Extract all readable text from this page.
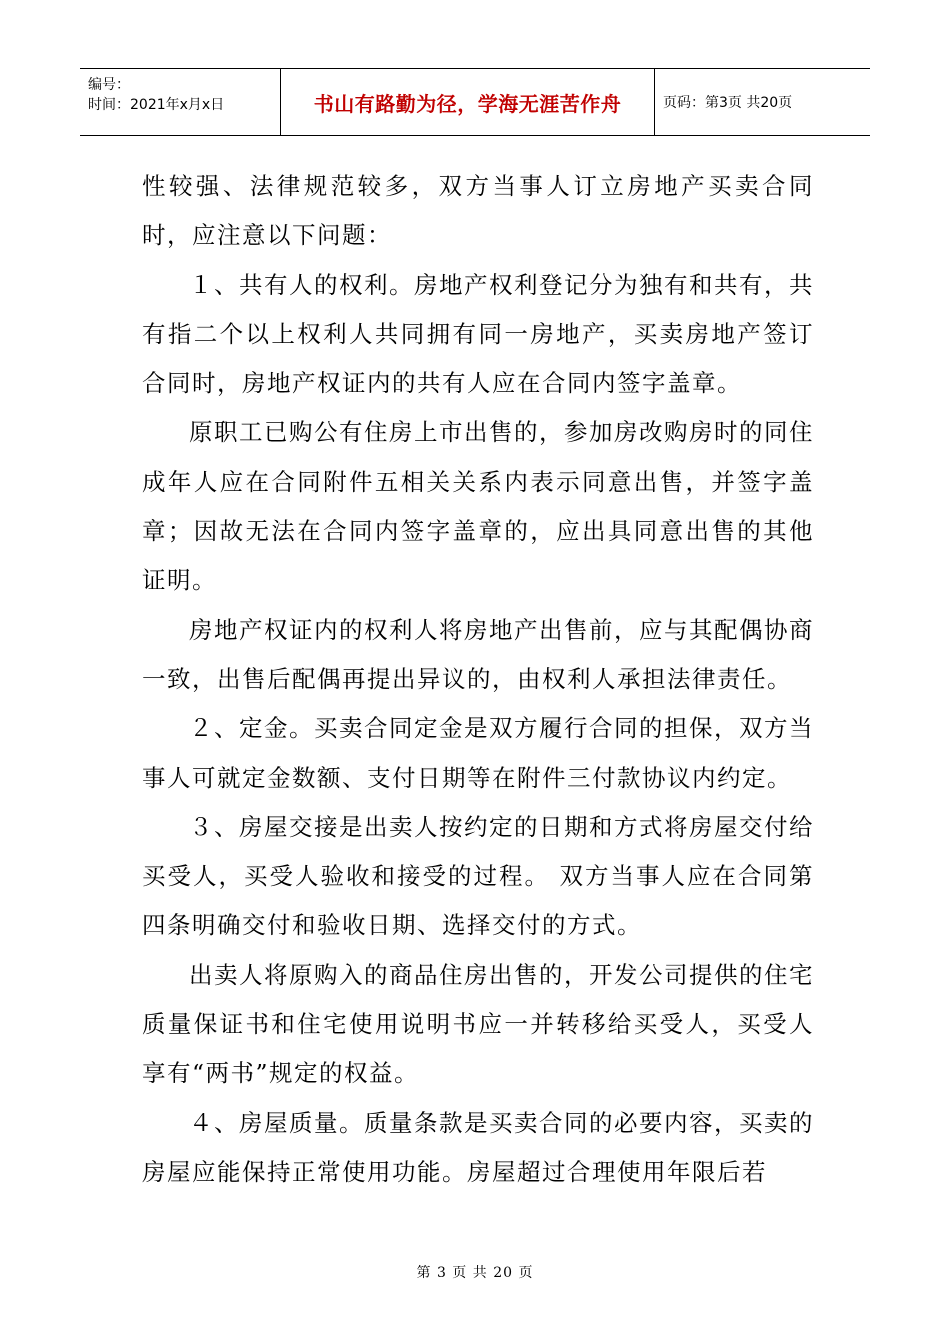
编号：
时间：2021年x月x日	书山有路勤为径，学海无涯苦作舟	页码：第3页 共20页

性较强、法律规范较多，双方当事人订立房地产买卖合同时，应注意以下问题：

１、共有人的权利。房地产权利登记分为独有和共有，共有指二个以上权利人共同拥有同一房地产，买卖房地产签订合同时，房地产权证内的共有人应在合同内签字盖章。

原职工已购公有住房上市出售的，参加房改购房时的同住成年人应在合同附件五相关关系内表示同意出售，并签字盖章；因故无法在合同内签字盖章的，应出具同意出售的其他证明。

房地产权证内的权利人将房地产出售前，应与其配偶协商一致，出售后配偶再提出异议的，由权利人承担法律责任。

２、定金。买卖合同定金是双方履行合同的担保，双方当事人可就定金数额、支付日期等在附件三付款协议内约定。

３、房屋交接是出卖人按约定的日期和方式将房屋交付给买受人，买受人验收和接受的过程。 双方当事人应在合同第四条明确交付和验收日期、选择交付的方式。

出卖人将原购入的商品住房出售的，开发公司提供的住宅质量保证书和住宅使用说明书应一并转移给买受人，买受人享有“两书”规定的权益。

４、房屋质量。质量条款是买卖合同的必要内容，买卖的房屋应能保持正常使用功能。房屋超过合理使用年限后若

第 3 页 共 20 页
